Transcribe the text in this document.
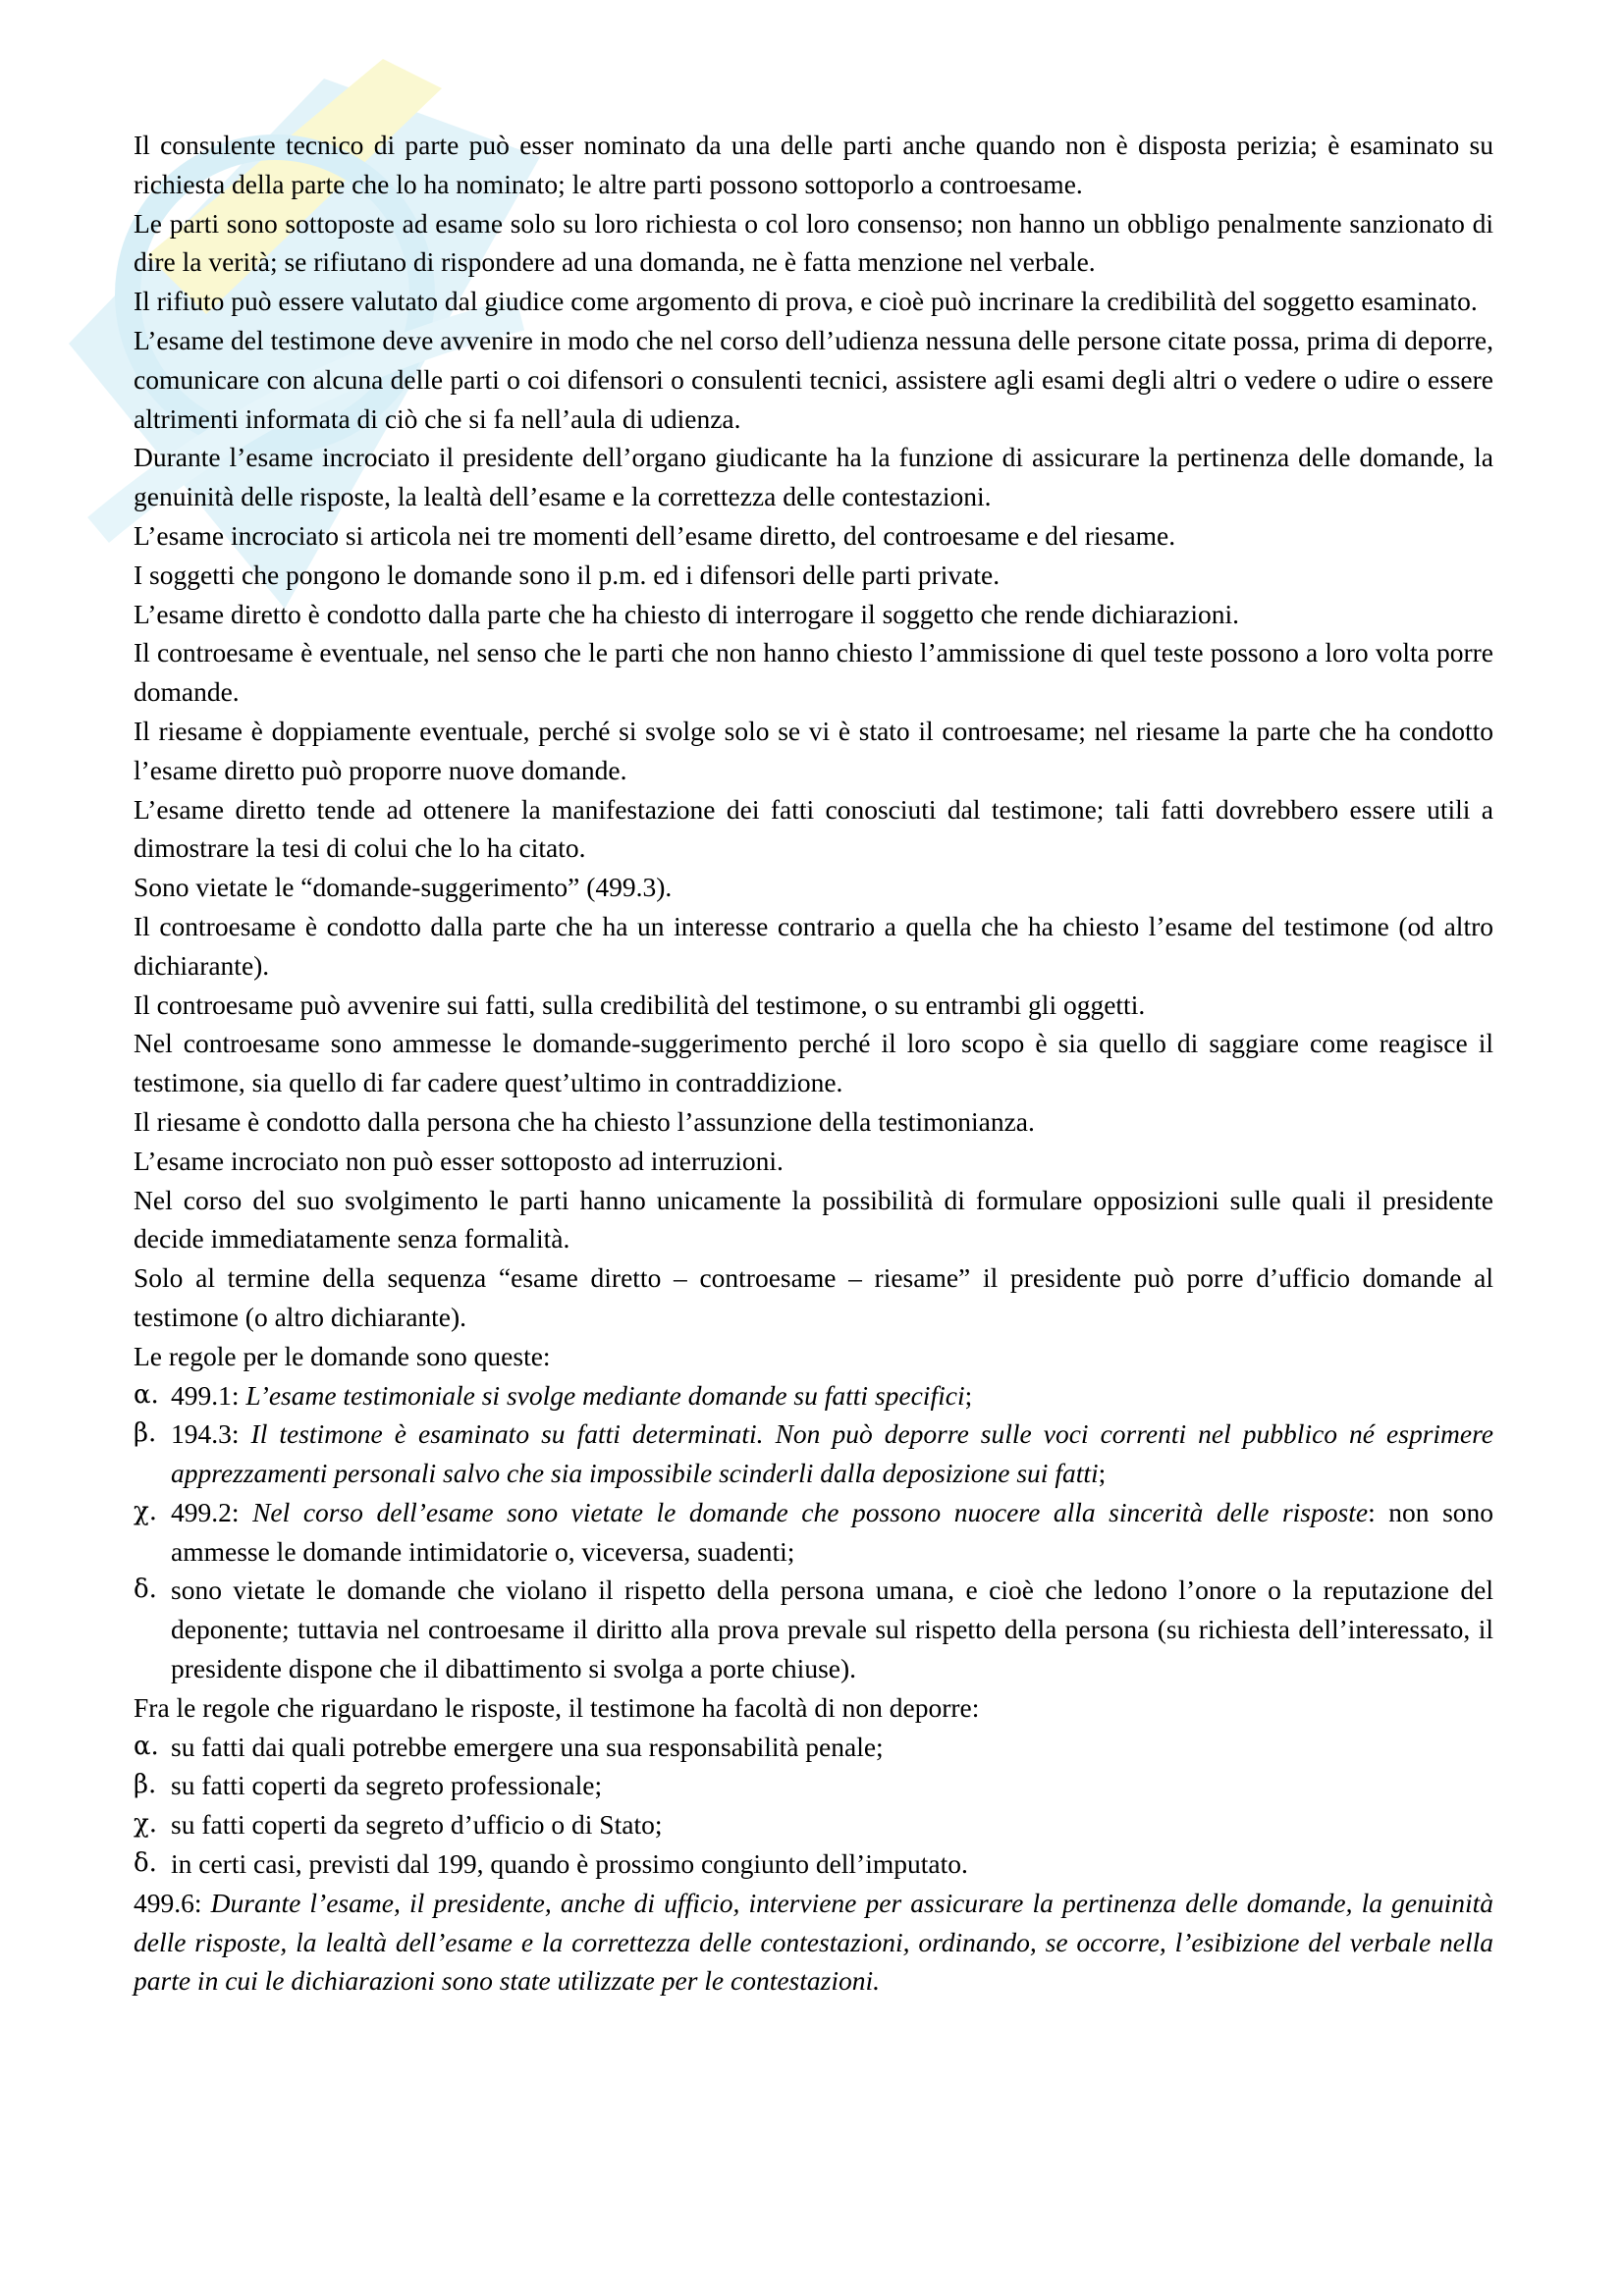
Il consulente tecnico di parte può esser nominato da una delle parti anche quando non è disposta perizia; è esaminato su richiesta della parte che lo ha nominato; le altre parti possono sottoporlo a controesame.

Le parti sono sottoposte ad esame solo su loro richiesta o col loro consenso; non hanno un obbligo penalmente sanzionato di dire la verità; se rifiutano di rispondere ad una domanda, ne è fatta menzione nel verbale.

Il rifiuto può essere valutato dal giudice come argomento di prova, e cioè può incrinare la credibilità del soggetto esaminato.

L’esame del testimone deve avvenire in modo che nel corso dell’udienza nessuna delle persone citate possa, prima di deporre, comunicare con alcuna delle parti o coi difensori o consulenti tecnici, assistere agli esami degli altri o vedere o udire o essere altrimenti informata di ciò che si fa nell’aula di udienza.

Durante l’esame incrociato il presidente dell’organo giudicante ha la funzione di assicurare la pertinenza delle domande, la genuinità delle risposte, la lealtà dell’esame e la correttezza delle contestazioni.

L’esame incrociato si articola nei tre momenti dell’esame diretto, del controesame e del riesame.

I soggetti che pongono le domande sono il p.m. ed i difensori delle parti private.

L’esame diretto è condotto dalla parte che ha chiesto di interrogare il soggetto che rende dichiarazioni.

Il controesame è eventuale, nel senso che le parti che non hanno chiesto l’ammissione di quel teste possono a loro volta porre domande.

Il riesame è doppiamente eventuale, perché si svolge solo se vi è stato il controesame; nel riesame la parte che ha condotto l’esame diretto può proporre nuove domande.

L’esame diretto tende ad ottenere la manifestazione dei fatti conosciuti dal testimone; tali fatti dovrebbero essere utili a dimostrare la tesi di colui che lo ha citato.

Sono vietate le “domande-suggerimento” (499.3).

Il controesame è condotto dalla parte che ha un interesse contrario a quella che ha chiesto l’esame del testimone (od altro dichiarante).

Il controesame può avvenire sui fatti, sulla credibilità del testimone, o su entrambi gli oggetti.

Nel controesame sono ammesse le domande-suggerimento perché il loro scopo è sia quello di saggiare come reagisce il testimone, sia quello di far cadere quest’ultimo in contraddizione.

Il riesame è condotto dalla persona che ha chiesto l’assunzione della testimonianza.

L’esame incrociato non può esser sottoposto ad interruzioni.

Nel corso del suo svolgimento le parti hanno unicamente la possibilità di formulare opposizioni sulle quali il presidente decide immediatamente senza formalità.

Solo al termine della sequenza “esame diretto – controesame – riesame” il presidente può porre d’ufficio domande al testimone (o altro dichiarante).

Le regole per le domande sono queste:

α. 499.1: L’esame testimoniale si svolge mediante domande su fatti specifici;
β. 194.3: Il testimone è esaminato su fatti determinati. Non può deporre sulle voci correnti nel pubblico né esprimere apprezzamenti personali salvo che sia impossibile scinderli dalla deposizione sui fatti;
χ. 499.2: Nel corso dell’esame sono vietate le domande che possono nuocere alla sincerità delle risposte: non sono ammesse le domande intimidatorie o, viceversa, suadenti;
δ. sono vietate le domande che violano il rispetto della persona umana, e cioè che ledono l’onore o la reputazione del deponente; tuttavia nel controesame il diritto alla prova prevale sul rispetto della persona (su richiesta dell’interessato, il presidente dispone che il dibattimento si svolga a porte chiuse).

Fra le regole che riguardano le risposte, il testimone ha facoltà di non deporre:

α. su fatti dai quali potrebbe emergere una sua responsabilità penale;
β. su fatti coperti da segreto professionale;
χ. su fatti coperti da segreto d’ufficio o di Stato;
δ. in certi casi, previsti dal 199, quando è prossimo congiunto dell’imputato.

499.6: Durante l’esame, il presidente, anche di ufficio, interviene per assicurare la pertinenza delle domande, la genuinità delle risposte, la lealtà dell’esame e la correttezza delle contestazioni, ordinando, se occorre, l’esibizione del verbale nella parte in cui le dichiarazioni sono state utilizzate per le contestazioni.
